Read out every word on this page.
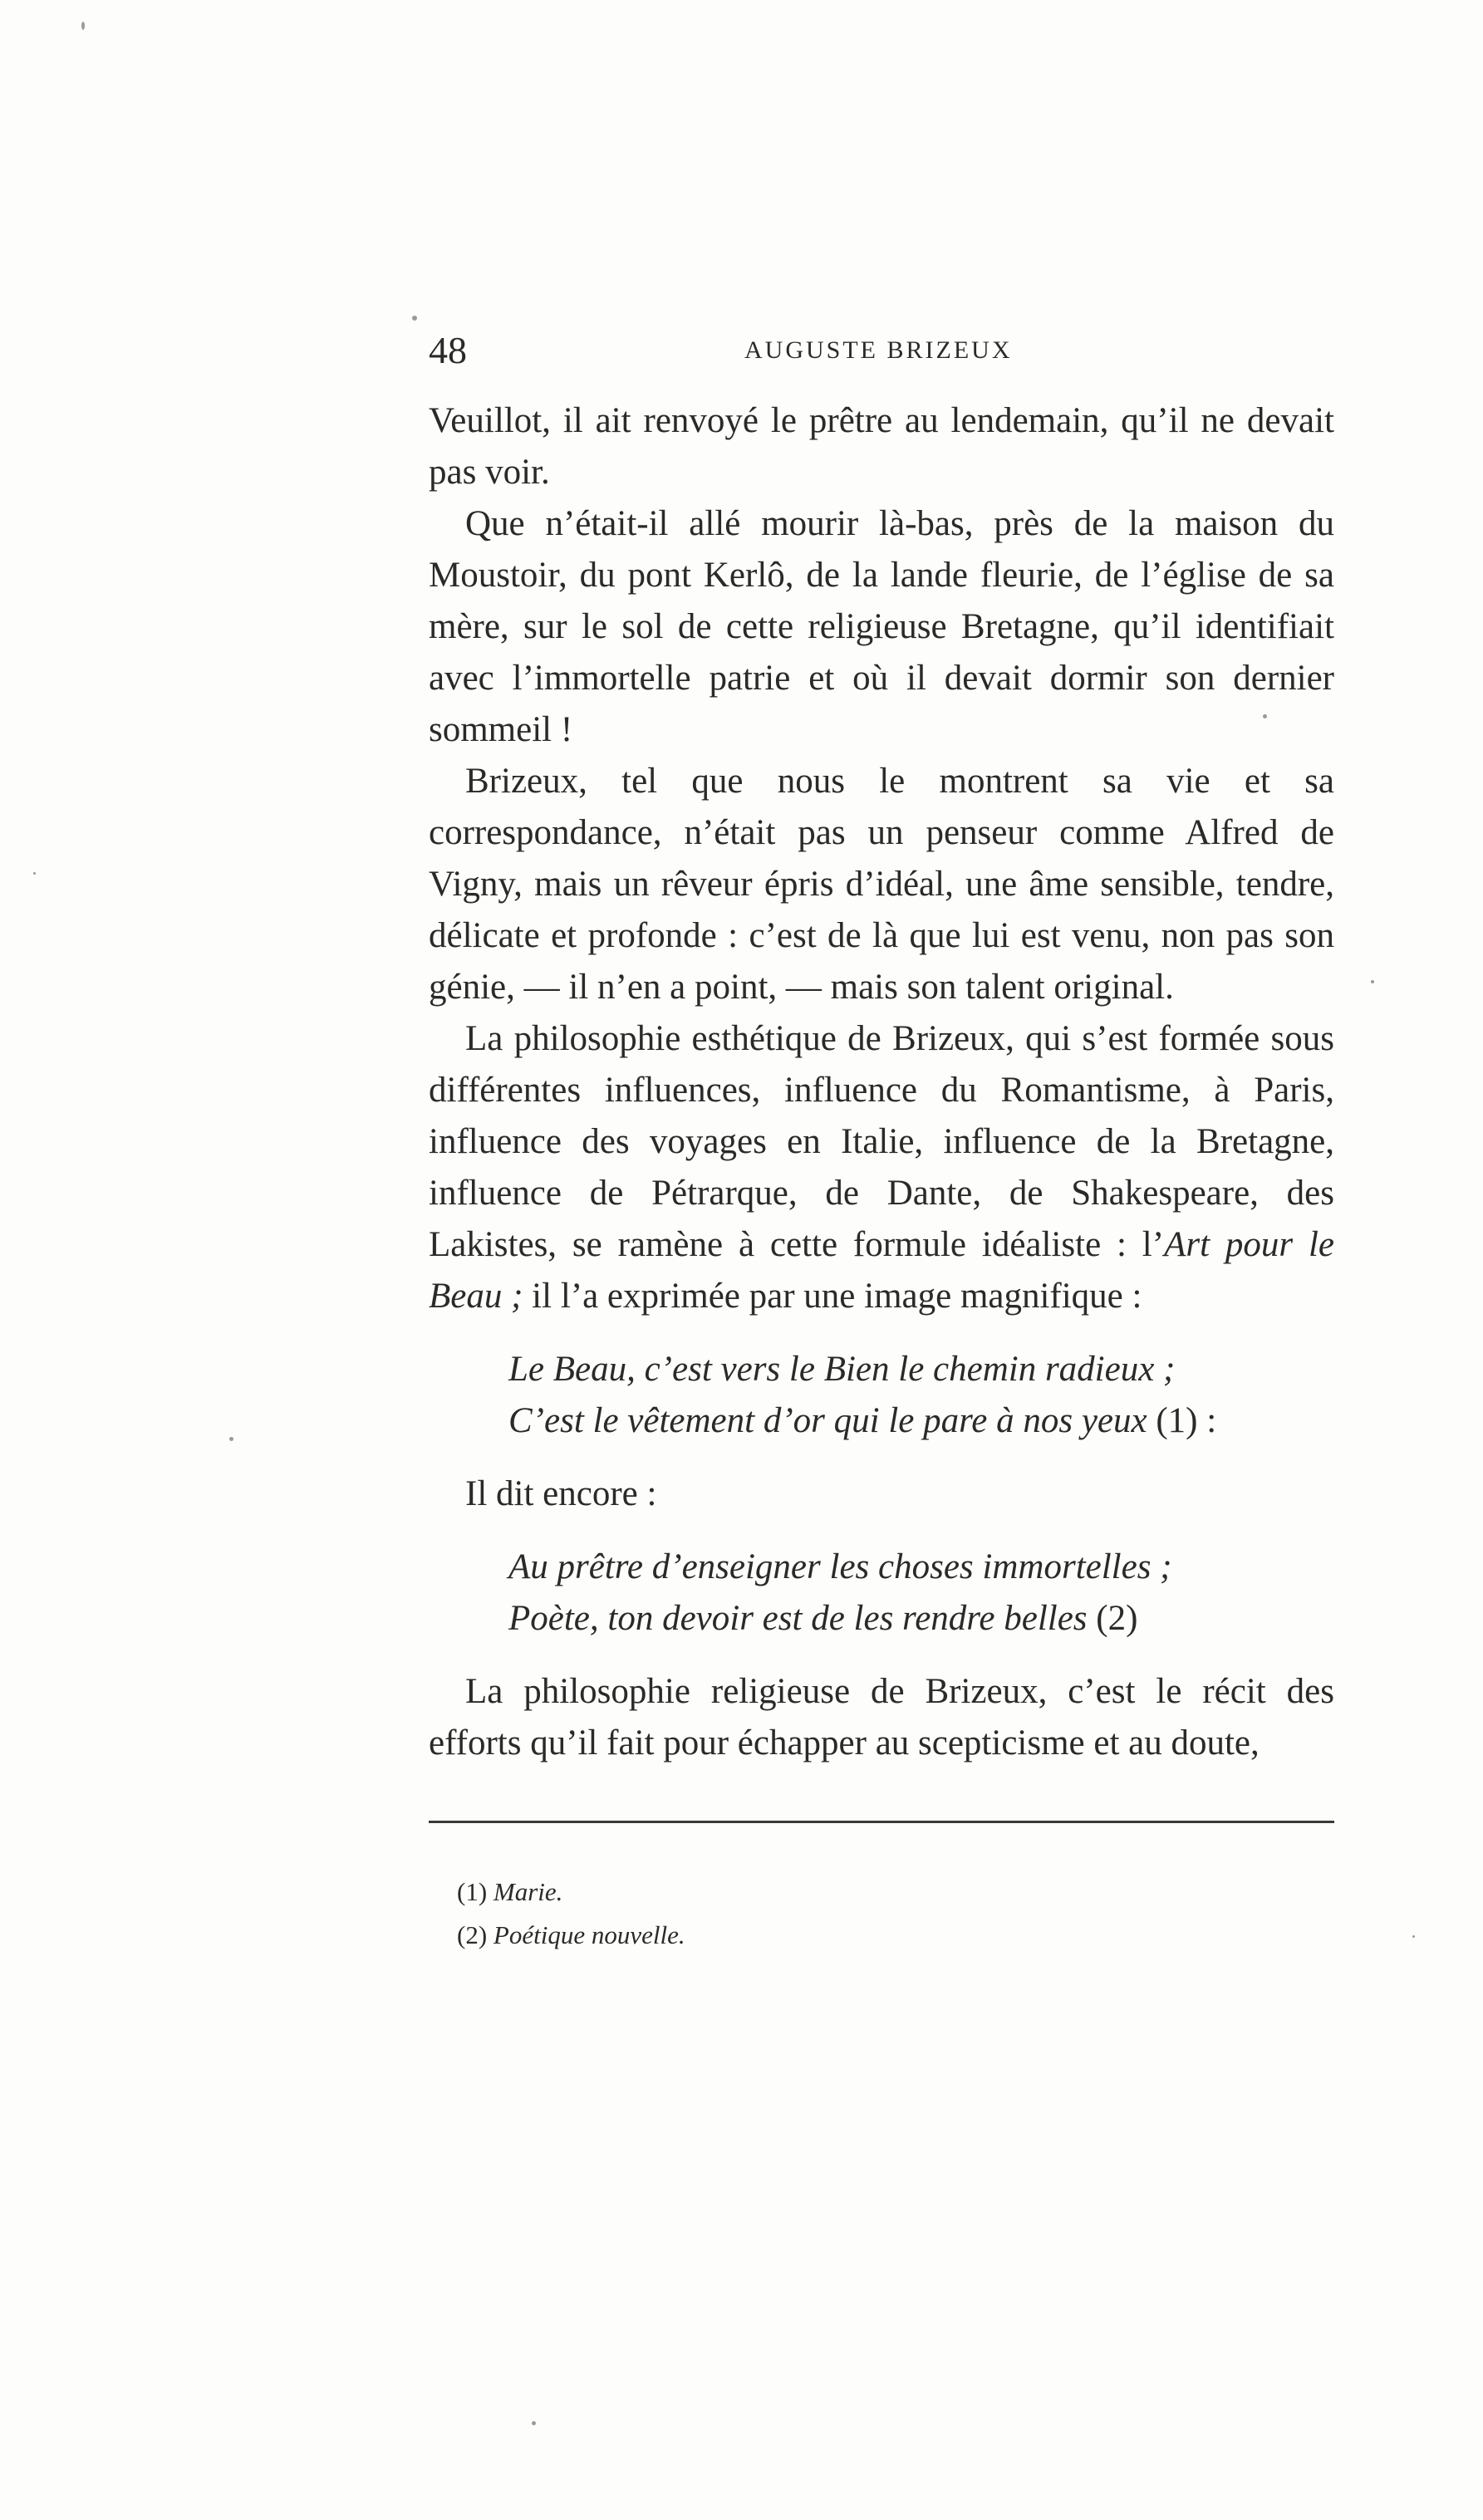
48	AUGUSTE BRIZEUX

Veuillot, il ait renvoyé le prêtre au lendemain, qu’il ne devait pas voir.

Que n’était-il allé mourir là-bas, près de la maison du Moustoir, du pont Kerlô, de la lande fleurie, de l’église de sa mère, sur le sol de cette religieuse Bretagne, qu’il identifiait avec l’immortelle patrie et où il devait dormir son dernier sommeil !

Brizeux, tel que nous le montrent sa vie et sa correspondance, n’était pas un penseur comme Alfred de Vigny, mais un rêveur épris d’idéal, une âme sensible, tendre, délicate et profonde : c’est de là que lui est venu, non pas son génie, — il n’en a point, — mais son talent original.

La philosophie esthétique de Brizeux, qui s’est formée sous différentes influences, influence du Romantisme, à Paris, influence des voyages en Italie, influence de la Bretagne, influence de Pétrarque, de Dante, de Shakespeare, des Lakistes, se ramène à cette formule idéaliste : l’Art pour le Beau ; il l’a exprimée par une image magnifique :

Le Beau, c’est vers le Bien le chemin radieux ;
C’est le vêtement d’or qui le pare à nos yeux (1) :

Il dit encore :

Au prêtre d’enseigner les choses immortelles ;
Poète, ton devoir est de les rendre belles (2)

La philosophie religieuse de Brizeux, c’est le récit des efforts qu’il fait pour échapper au scepticisme et au doute,

(1) Marie.

(2) Poétique nouvelle.
